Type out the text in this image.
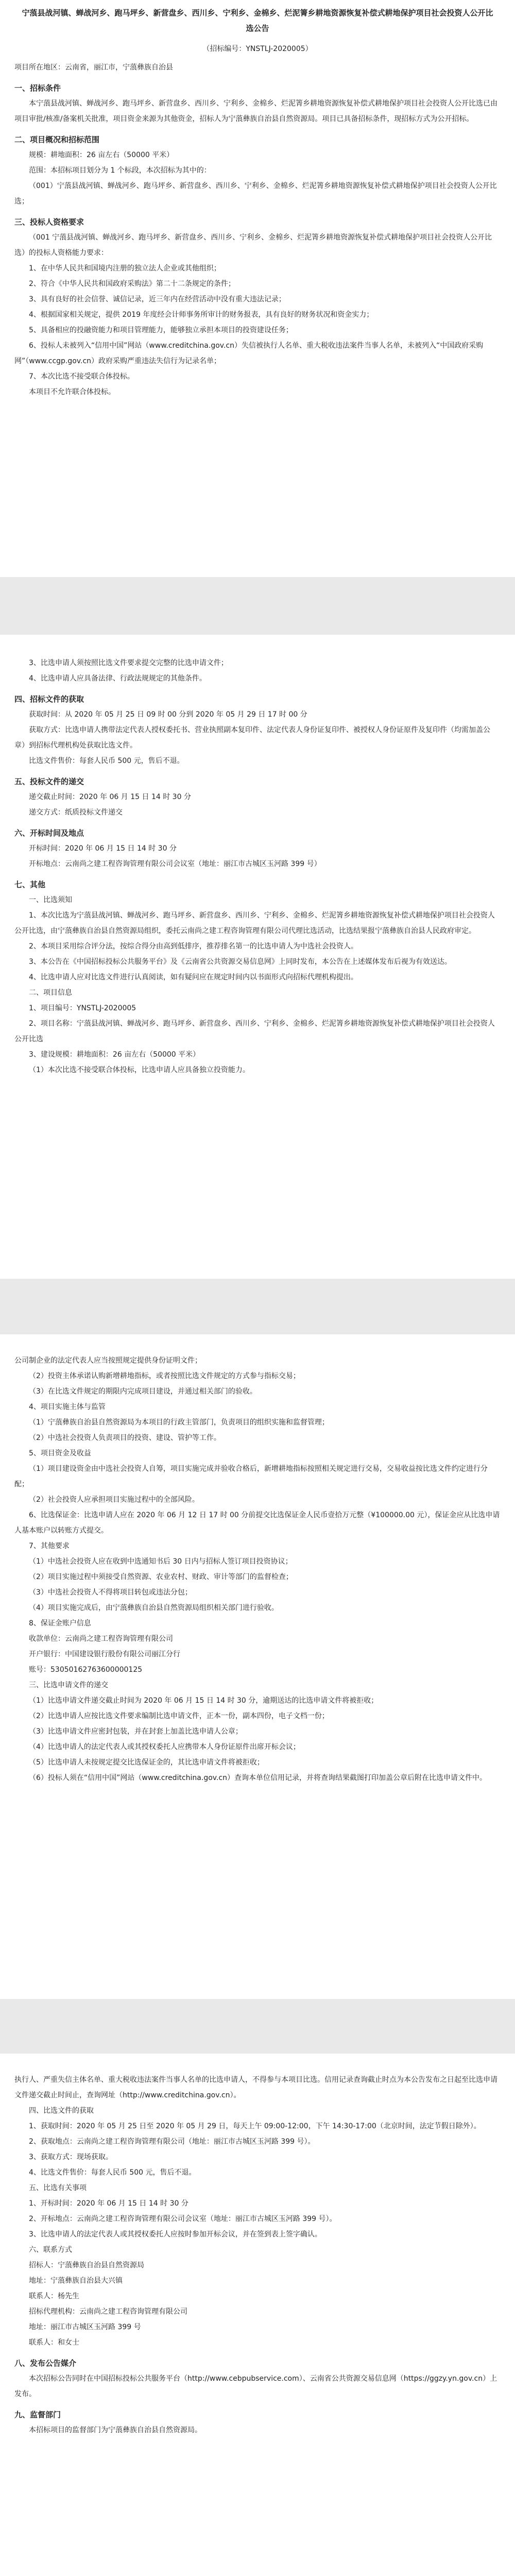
宁蒗县战河镇、蝉战河乡、跑马坪乡、新营盘乡、西川乡、宁利乡、金棉乡、烂泥箐乡耕地资源恢复补偿式耕地保护项目社会投资人公开比选公告
（招标编号：YNSTLJ-2020005）

项目所在地区：云南省，丽江市，宁蒗彝族自治县

一、招标条件

本宁蒗县战河镇、蝉战河乡、跑马坪乡、新营盘乡、西川乡、宁利乡、金棉乡、烂泥箐乡耕地资源恢复补偿式耕地保护项目社会投资人公开比选已由项目审批/核准/备案机关批准，项目资金来源为其他资金，招标人为宁蒗彝族自治县自然资源局。项目已具备招标条件，现招标方式为公开招标。

二、项目概况和招标范围

规模：耕地面积：26 亩左右（50000 平米）

范围：本招标项目划分为 1 个标段，本次招标为其中的：

（001）宁蒗县战河镇、蝉战河乡、跑马坪乡、新营盘乡、西川乡、宁利乡、金棉乡、烂泥箐乡耕地资源恢复补偿式耕地保护项目社会投资人公开比选；

三、投标人资格要求

（001 宁蒗县战河镇、蝉战河乡、跑马坪乡、新营盘乡、西川乡、宁利乡、金棉乡、烂泥箐乡耕地资源恢复补偿式耕地保护项目社会投资人公开比选）的投标人资格能力要求：

1、在中华人民共和国境内注册的独立法人企业或其他组织；

2、符合《中华人民共和国政府采购法》第二十二条规定的条件；

3、具有良好的社会信誉、诚信记录，近三年内在经营活动中没有重大违法记录；

4、根据国家相关规定，提供 2019 年度经会计师事务所审计的财务报表，具有良好的财务状况和资金实力；

5、具备相应的投融资能力和项目管理能力，能够独立承担本项目的投资建设任务；

6、投标人未被列入“信用中国”网站（www.creditchina.gov.cn）失信被执行人名单、重大税收违法案件当事人名单，未被列入“中国政府采购网”（www.ccgp.gov.cn）政府采购严重违法失信行为记录名单；

7、本次比选不接受联合体投标。

本项目不允许联合体投标。

3、比选申请人须按照比选文件要求提交完整的比选申请文件；

4、比选申请人应具备法律、行政法规规定的其他条件。

四、招标文件的获取

获取时间：从 2020 年 05 月 25 日 09 时 00 分到 2020 年 05 月 29 日 17 时 00 分

获取方式：比选申请人携带法定代表人授权委托书、营业执照副本复印件、法定代表人身份证复印件、被授权人身份证原件及复印件（均需加盖公章）到招标代理机构处获取比选文件。

比选文件售价：每套人民币 500 元，售后不退。

五、投标文件的递交

递交截止时间：2020 年 06 月 15 日 14 时 30 分

递交方式：纸质投标文件递交

六、开标时间及地点

开标时间：2020 年 06 月 15 日 14 时 30 分

开标地点：云南尚之建工程咨询管理有限公司会议室（地址：丽江市古城区玉河路 399 号）

七、其他

一、比选须知

1、本次比选为宁蒗县战河镇、蝉战河乡、跑马坪乡、新营盘乡、西川乡、宁利乡、金棉乡、烂泥箐乡耕地资源恢复补偿式耕地保护项目社会投资人公开比选，由宁蒗彝族自治县自然资源局组织，委托云南尚之建工程咨询管理有限公司代理比选活动，比选结果报宁蒗彝族自治县人民政府审定。

2、本项目采用综合评分法，按综合得分由高到低排序，推荐排名第一的比选申请人为中选社会投资人。

3、本公告在《中国招标投标公共服务平台》及《云南省公共资源交易信息网》上同时发布，本公告在上述媒体发布后视为有效送达。

4、比选申请人应对比选文件进行认真阅读，如有疑问应在规定时间内以书面形式向招标代理机构提出。

二、项目信息

1、项目编号：YNSTLJ-2020005

2、项目名称：宁蒗县战河镇、蝉战河乡、跑马坪乡、新营盘乡、西川乡、宁利乡、金棉乡、烂泥箐乡耕地资源恢复补偿式耕地保护项目社会投资人公开比选

3、建设规模：耕地面积：26 亩左右（50000 平米）

（1）本次比选不接受联合体投标，比选申请人应具备独立投资能力。

公司制企业的法定代表人应当按照规定提供身份证明文件；

（2）投资主体承诺认购新增耕地指标，或者按照比选文件规定的方式参与指标交易；

（3）在比选文件规定的期限内完成项目建设，并通过相关部门的验收。

4、项目实施主体与监管

（1）宁蒗彝族自治县自然资源局为本项目的行政主管部门，负责项目的组织实施和监督管理；

（2）中选社会投资人负责项目的投资、建设、管护等工作。

5、项目资金及收益

（1）项目建设资金由中选社会投资人自筹，项目实施完成并验收合格后，新增耕地指标按照相关规定进行交易，交易收益按比选文件约定进行分配；

（2）社会投资人应承担项目实施过程中的全部风险。

6、比选保证金：比选申请人应在 2020 年 06 月 12 日 17 时 00 分前提交比选保证金人民币壹拾万元整（¥100000.00 元），保证金应从比选申请人基本账户以转账方式提交。

7、其他要求

（1）中选社会投资人应在收到中选通知书后 30 日内与招标人签订项目投资协议；

（2）项目实施过程中须接受自然资源、农业农村、财政、审计等部门的监督检查；

（3）中选社会投资人不得将项目转包或违法分包；

（4）项目实施完成后，由宁蒗彝族自治县自然资源局组织相关部门进行验收。

8、保证金账户信息

收款单位：云南尚之建工程咨询管理有限公司

开户银行：中国建设银行股份有限公司丽江分行

账号：53050162763600000125

三、比选申请文件的递交

（1）比选申请文件递交截止时间为 2020 年 06 月 15 日 14 时 30 分，逾期送达的比选申请文件将被拒收；

（2）比选申请人应按比选文件要求编制比选申请文件，正本一份，副本四份，电子文档一份；

（3）比选申请文件应密封包装，并在封套上加盖比选申请人公章；

（4）比选申请人的法定代表人或其授权委托人应携带本人身份证原件出席开标会议；

（5）比选申请人未按规定提交比选保证金的，其比选申请文件将被拒收；

（6）投标人须在“信用中国”网站（www.creditchina.gov.cn）查询本单位信用记录，并将查询结果截图打印加盖公章后附在比选申请文件中。

执行人、严重失信主体名单、重大税收违法案件当事人名单的比选申请人，不得参与本项目比选。信用记录查询截止时点为本公告发布之日起至比选申请文件递交截止时间止，查询网址（http://www.creditchina.gov.cn）。

四、比选文件的获取

1、获取时间：2020 年 05 月 25 日至 2020 年 05 月 29 日，每天上午 09:00-12:00，下午 14:30-17:00（北京时间，法定节假日除外）。

2、获取地点：云南尚之建工程咨询管理有限公司（地址：丽江市古城区玉河路 399 号）。

3、获取方式：现场获取。

4、比选文件售价：每套人民币 500 元，售后不退。

五、比选有关事项

1、开标时间：2020 年 06 月 15 日 14 时 30 分

2、开标地点：云南尚之建工程咨询管理有限公司会议室（地址：丽江市古城区玉河路 399 号）。

3、比选申请人的法定代表人或其授权委托人应按时参加开标会议，并在签到表上签字确认。

六、联系方式

招标人：宁蒗彝族自治县自然资源局

地址：宁蒗彝族自治县大兴镇

联系人：杨先生

招标代理机构：云南尚之建工程咨询管理有限公司

地址：丽江市古城区玉河路 399 号

联系人：和女士

八、发布公告媒介

本次招标公告同时在中国招标投标公共服务平台（http://www.cebpubservice.com）、云南省公共资源交易信息网（https://ggzy.yn.gov.cn）上发布。

九、监督部门

本招标项目的监督部门为宁蒗彝族自治县自然资源局。
